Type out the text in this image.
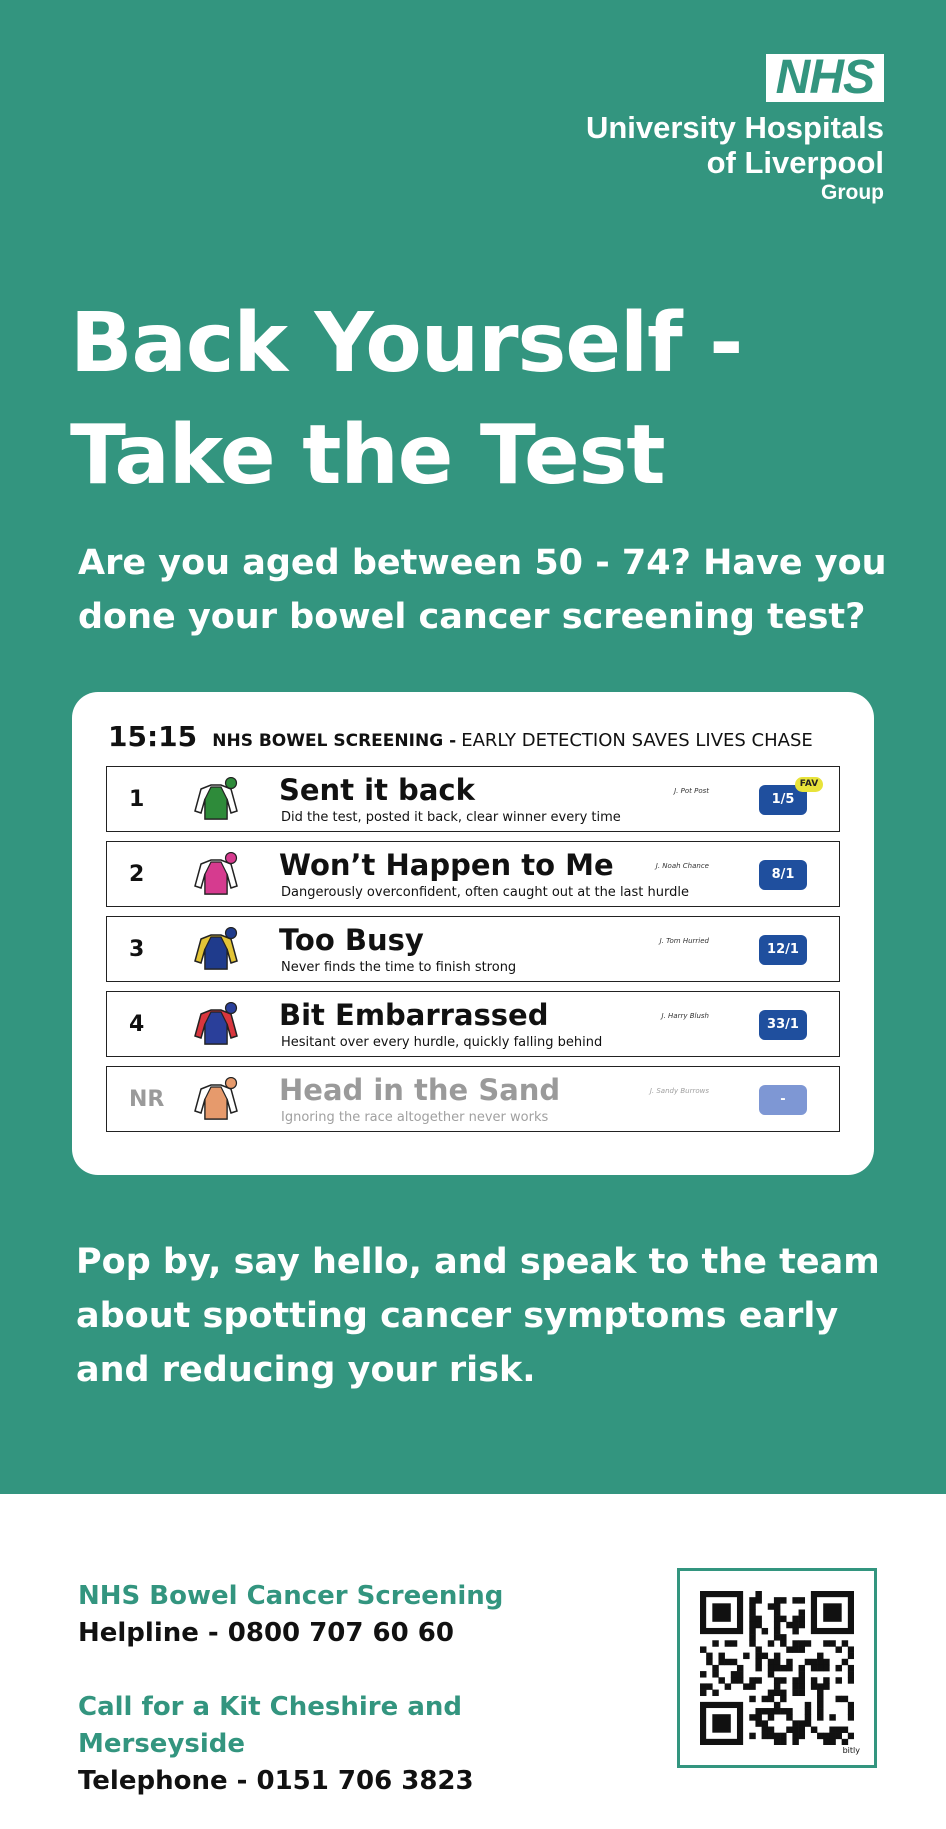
NHS
University Hospitals
of Liverpool
Group
Back Yourself -
Take the Test
Are you aged between 50 - 74? Have you done your bowel cancer screening test?
15:15 NHS BOWEL SCREENING - EARLY DETECTION SAVES LIVES CHASE
1	Sent it back
Did the test, posted it back, clear winner every time
J. Pot Post
1/5
FAV
2	Won’t Happen to Me
Dangerously overconfident, often caught out at the last hurdle
J. Noah Chance
8/1
3	Too Busy
Never finds the time to finish strong
J. Tom Hurried
12/1
4	Bit Embarrassed
Hesitant over every hurdle, quickly falling behind
J. Harry Blush
33/1
NR	Head in the Sand
Ignoring the race altogether never works
J. Sandy Burrows
-
Pop by, say hello, and speak to the team about spotting cancer symptoms early and reducing your risk.
NHS Bowel Cancer Screening
Helpline - 0800 707 60 60
Call for a Kit Cheshire and Merseyside
Telephone - 0151 706 3823
bitly
